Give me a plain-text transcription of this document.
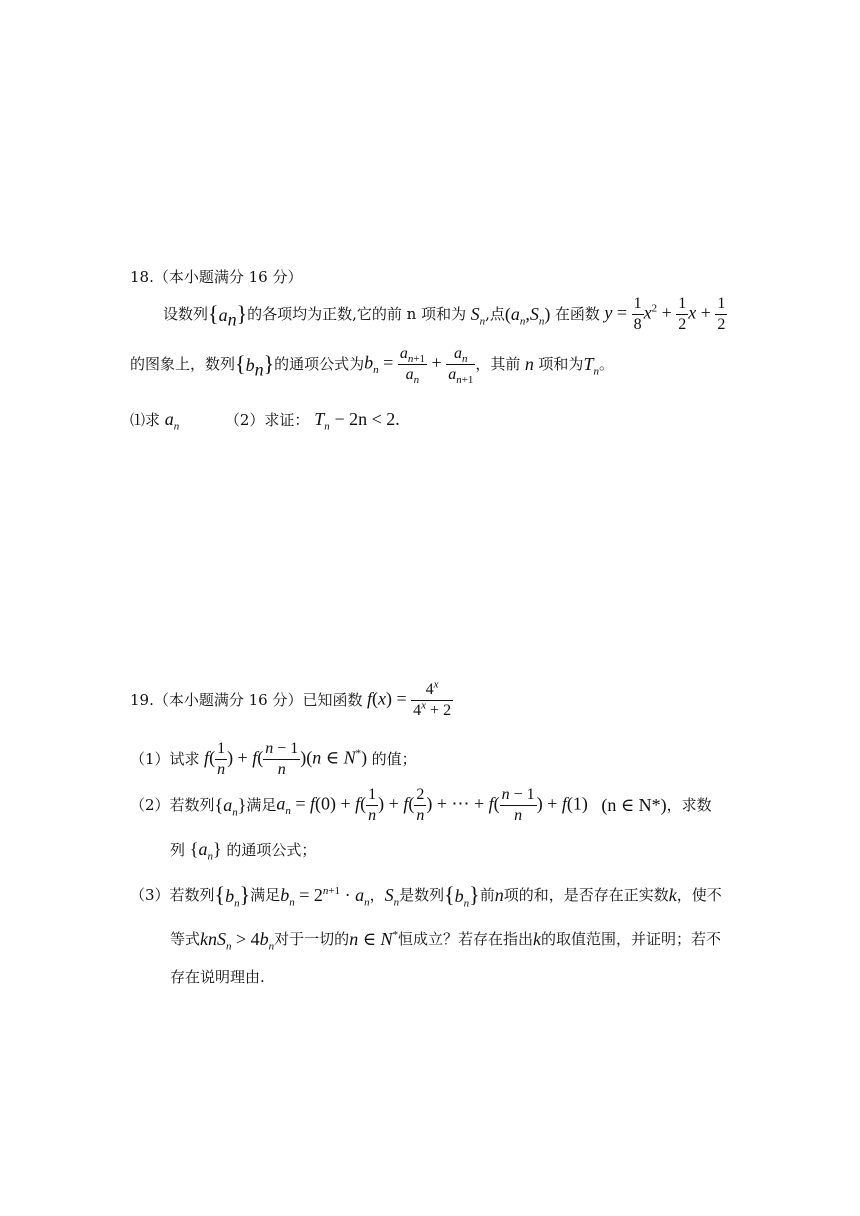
18.（本小题满分 16 分）
设数列 $\{a_n\}$ 的各项均为正数,它的前 n 项和为 $S_n$ ,点 $(a_n,S_n)$ 在函数 $y = \frac{1}{8} x^2 + \frac{1}{2}$ $x + \frac{1}{2}$
的图象上，数列 $\{b_n\}$ 的通项公式为 $b_n = \frac{a_{n+1}}{a_n} + \frac{a_n}{a_{n+1}}$ ，其前 n 项和为 $T_n$ 。
⑴求 $a_n$	（2）求证： $T_n - 2n < 2$.
19.（本小题满分 16 分）已知函数 $f(x) = \frac{4^x}{4^x + 2}$
（1）试求 $f( \frac{1}{n}$ ) + $f( \frac{n - 1}{n} )(n$ ∈ N*) 的值；
（2）若数列 $\{a_n\}$ 满足 $a_n = f(0) + f( \frac{1}{n}$ ) + $f( \frac{2}{n}$ ) + ⋯ + $f( \frac{n - 1}{n}$ ) + f(1) (n ∈ N*) ，求数
列 $\{a_n\}$ 的通项公式；
（3）若数列 $\{b_n\}$ 满足 $b_n = 2^{n+1} \cdot a_n$ ， $S_n$ 是数列 $\{b_n\}$ 前 n 项的和，是否存在正实数 k ，使不
等式 $knS_n > 4b_n$ 对于一切的 n ∈ N* 恒成立？若存在指出 k 的取值范围，并证明；若不
存在说明理由.
